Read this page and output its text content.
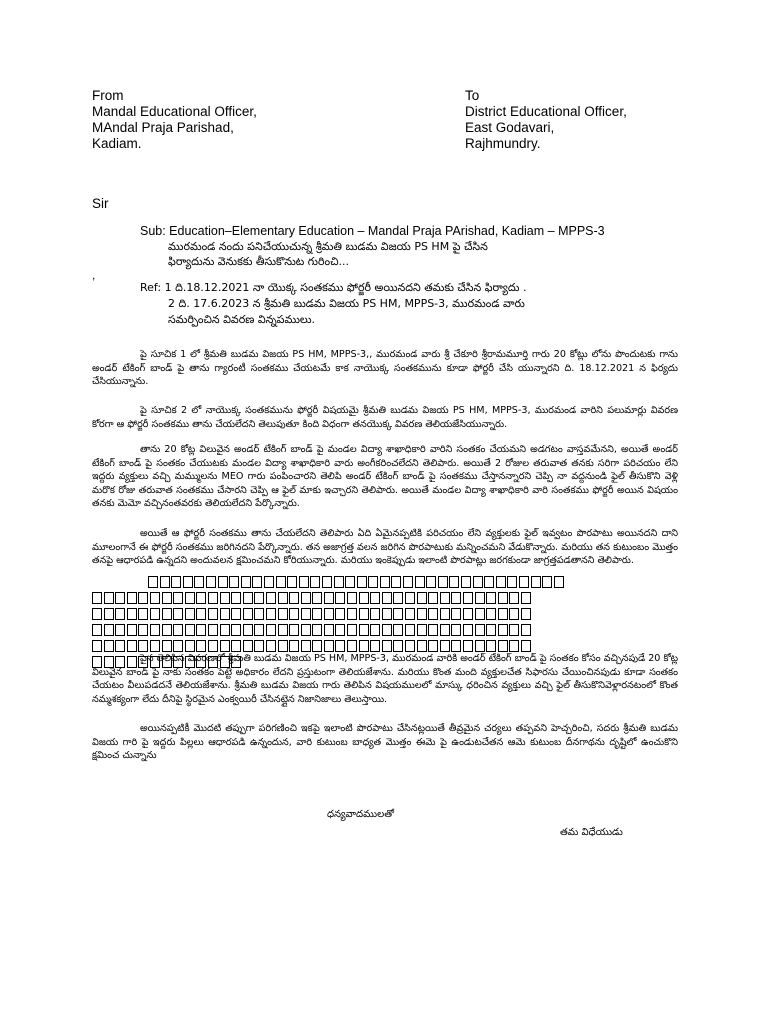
From
Mandal Educational Officer,
MAndal Praja Parishad,
Kadiam.
To
District Educational Officer,
East Godavari,
Rajhmundry.
Sir
Sub: Education–Elementary Education – Mandal Praja PArishad, Kadiam – MPPS-3
మురమండ నందు పనిచేయుచున్న శ్రీమతి బుడమ విజయ PS HM పై చేసిన
ఫిర్యాదును వెనుకకు తీసుకొనుట గురించి...
,
Ref: 1 ది.18.12.2021 నా యొక్క సంతకము ఫోర్జరీ అయినదని తమకు చేసిన ఫిర్యాదు .
2 ది. 17.6.2023 న శ్రీమతి బుడమ విజయ PS HM, MPPS-3, మురమండ వారు
సమర్పించిన వివరణ విన్నపములు.
పై సూచిక 1 లో శ్రీమతి బుడమ విజయ PS HM, MPPS-3,, మురమండ వారు శ్రీ చేకూరి శ్రీరామమూర్తి గారు 20 కోట్లు లోను పొందుటకు గాను అండర్ టేకింగ్ బాండ్ పై తాను గ్యారంటీ సంతకము చేయటమే కాక నాయొక్క సంతకమును కూడా ఫోర్జరీ చేసి యున్నారని ది. 18.12.2021 న ఫిర్యదు చేసియున్నాను.
పై సూచిక 2 లో నాయొక్క సంతకమును ఫోర్జరీ విషయమై శ్రీమతి బుడమ విజయ PS HM, MPPS-3, మురమండ వారిని పలుమార్లు వివరణ కోరగా ఆ ఫోర్జరీ సంతకము తాను చేయలేదని తెలుపుతూ కింది విధంగా తనయొక్క వివరణ తెలియజేసియున్నారు.
తాను 20 కోట్ల విలువైన అండర్ టేకింగ్ బాండ్ పై మండల విద్యా శాఖాధికారి వారిని సంతకం చేయమని అడగటం వాస్తవమేనని, అయితే అండర్ టేకింగ్ బాండ్ పై సంతకం చేయుటకు మండల విద్యా శాఖాధికారి వారు అంగీకరించలేదని తెలిపారు. అయితే 2 రోజుల తరువాత తనకు సరిగా పరిచయం లేని ఇద్దరు వ్యక్తులు వచ్చి మమ్ములను MEO గారు పంపించారని తెలిపి అండర్ టేకింగ్ బాండ్ పై సంతకము చేస్తానన్నారని చెప్పి నా వద్దనుండి ఫైల్ తీసుకొని వెళ్లి మరొక రోజు తరువాత సంతకము చేసారని చెప్పి ఆ ఫైల్ మాకు ఇచ్చారని తెలిపారు. అయితే మండల విద్యా శాఖాధికారి వారి సంతకము ఫోర్జరీ అయిన విషయం తనకు మెమో వచ్చినంతవరకు తెలియలేదని పేర్కొన్నారు.
అయితే ఆ ఫోర్జరీ సంతకము తాను చేయలేదని తెలిపారు ఏది ఏమైనప్పటికి పరిచయం లేని వ్యక్తులకు ఫైల్ ఇవ్వటం పొరపాటు అయినదని దాని మూలంగానే ఈ ఫోర్జరీ సంతకము జరిగినదని పేర్కొన్నారు. తన అజాగ్రత్త వలన జరిగిన పొరపాటుకు మన్నించమని వేడుకొన్నారు. మరియు తన కుటుంబం మొత్తం తనపై ఆధారపడి ఉన్నదని అందువలన క్షమించమని కోరియున్నారు. మరియు ఇంకెప్పుడు ఇలాంటి పొరపాట్లు జరగకుండా జాగ్రత్తపడతానని తెలిపారు.
పైన తెలిపిన వివరణలో శ్రీమతి బుడమ విజయ PS HM, MPPS-3, మురమండ వారికి అండర్ టేకింగ్ బాండ్ పై సంతకం కోసం వచ్చినపుడే 20 కోట్ల విలువైన బాండ్ పై నాకు సంతకం పెట్టె అధికారం లేదని ప్రస్తుటంగా తెలియజేశాను. మరియు కొంత మంది వ్యక్తులచేత సిఫారసు చేయించినపుడు కూడా సంతకం చేయటం వీలుపడదనే తెలియజేశాను. శ్రీమతి బుడమ విజయ గారు తెలిపిన విషయములలో మాస్కు ధరించిన వ్యక్తులు వచ్చి ఫైల్ తీసుకొనివెళ్లారనటంలో కొంత నమ్మశక్యంగా లేదు దీనిపై స్థిరమైన ఎంక్వయిరీ చేసినట్లైన నిజానిజాలు తెలుస్తాయి.
అయినప్పటికీ మొదటి తప్పుగా పరిగణించి ఇకపై ఇలాంటి పొరపాటు చేసినట్లయితే తీవ్రమైన చర్యలు తప్పవని హెచ్చరించి, సదరు శ్రీమతి బుడమ విజయ గారి పై ఇద్దరు పిల్లలు ఆధారపడి ఉన్నందున, వారి కుటుంబ బాధ్యత మొత్తం ఈమె పై ఉండుటచేతన ఆమె కుటుంబ దీనగాథను దృష్టిలో ఉంచుకొని క్షమించ చున్నాను
ధన్యవాదములతో
తమ విధేయుడు
